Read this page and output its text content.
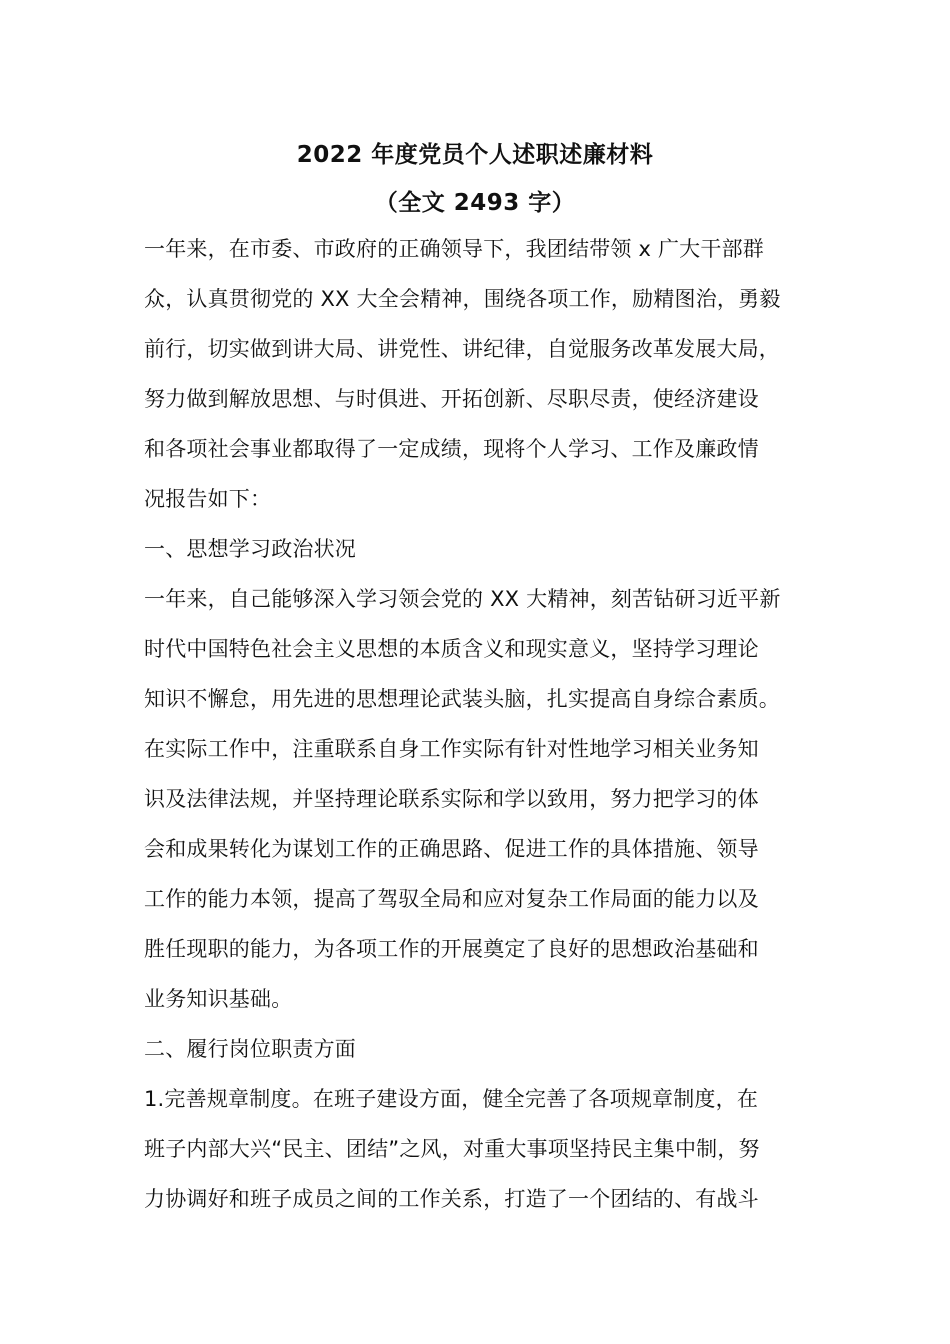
2022 年度党员个人述职述廉材料
（全文 2493 字）
一年来，在市委、市政府的正确领导下，我团结带领 x 广大干部群
众，认真贯彻党的 XX 大全会精神，围绕各项工作，励精图治，勇毅
前行，切实做到讲大局、讲党性、讲纪律，自觉服务改革发展大局，
努力做到解放思想、与时俱进、开拓创新、尽职尽责，使经济建设
和各项社会事业都取得了一定成绩，现将个人学习、工作及廉政情
况报告如下：
一、思想学习政治状况
一年来，自己能够深入学习领会党的 XX 大精神，刻苦钻研习近平新
时代中国特色社会主义思想的本质含义和现实意义，坚持学习理论
知识不懈怠，用先进的思想理论武装头脑，扎实提高自身综合素质。
在实际工作中，注重联系自身工作实际有针对性地学习相关业务知
识及法律法规，并坚持理论联系实际和学以致用，努力把学习的体
会和成果转化为谋划工作的正确思路、促进工作的具体措施、领导
工作的能力本领，提高了驾驭全局和应对复杂工作局面的能力以及
胜任现职的能力，为各项工作的开展奠定了良好的思想政治基础和
业务知识基础。
二、履行岗位职责方面
1.完善规章制度。在班子建设方面，健全完善了各项规章制度，在
班子内部大兴“民主、团结”之风，对重大事项坚持民主集中制，努
力协调好和班子成员之间的工作关系，打造了一个团结的、有战斗
